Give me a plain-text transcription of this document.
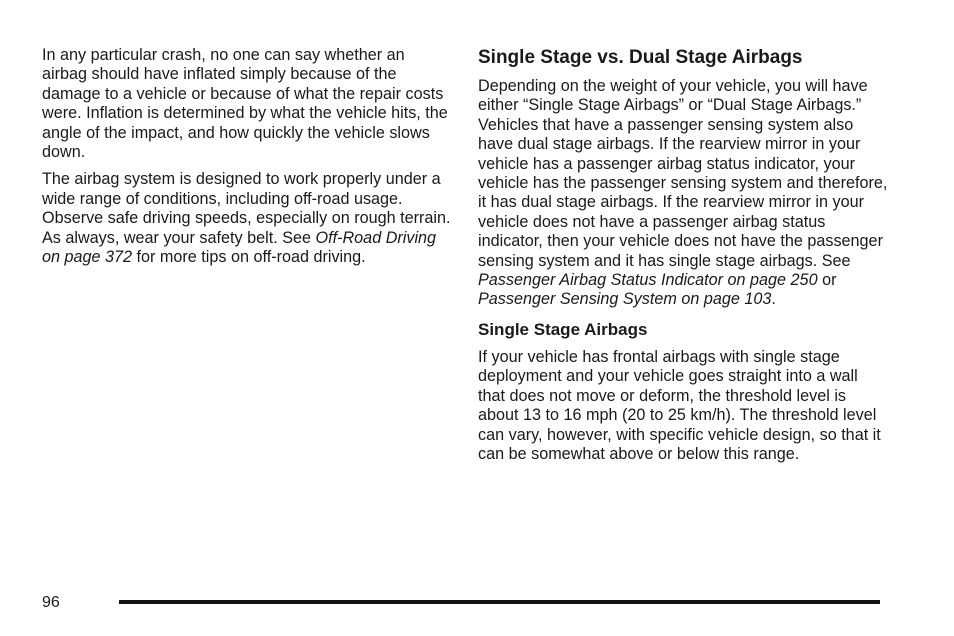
In any particular crash, no one can say whether an airbag should have inflated simply because of the damage to a vehicle or because of what the repair costs were. Inflation is determined by what the vehicle hits, the angle of the impact, and how quickly the vehicle slows down.

The airbag system is designed to work properly under a wide range of conditions, including off-road usage. Observe safe driving speeds, especially on rough terrain. As always, wear your safety belt. See Off-Road Driving on page 372 for more tips on off-road driving.

Single Stage vs. Dual Stage Airbags

Depending on the weight of your vehicle, you will have either “Single Stage Airbags” or “Dual Stage Airbags.” Vehicles that have a passenger sensing system also have dual stage airbags. If the rearview mirror in your vehicle has a passenger airbag status indicator, your vehicle has the passenger sensing system and therefore, it has dual stage airbags. If the rearview mirror in your vehicle does not have a passenger airbag status indicator, then your vehicle does not have the passenger sensing system and it has single stage airbags. See Passenger Airbag Status Indicator on page 250 or Passenger Sensing System on page 103.

Single Stage Airbags

If your vehicle has frontal airbags with single stage deployment and your vehicle goes straight into a wall that does not move or deform, the threshold level is about 13 to 16 mph (20 to 25 km/h). The threshold level can vary, however, with specific vehicle design, so that it can be somewhat above or below this range.

96
